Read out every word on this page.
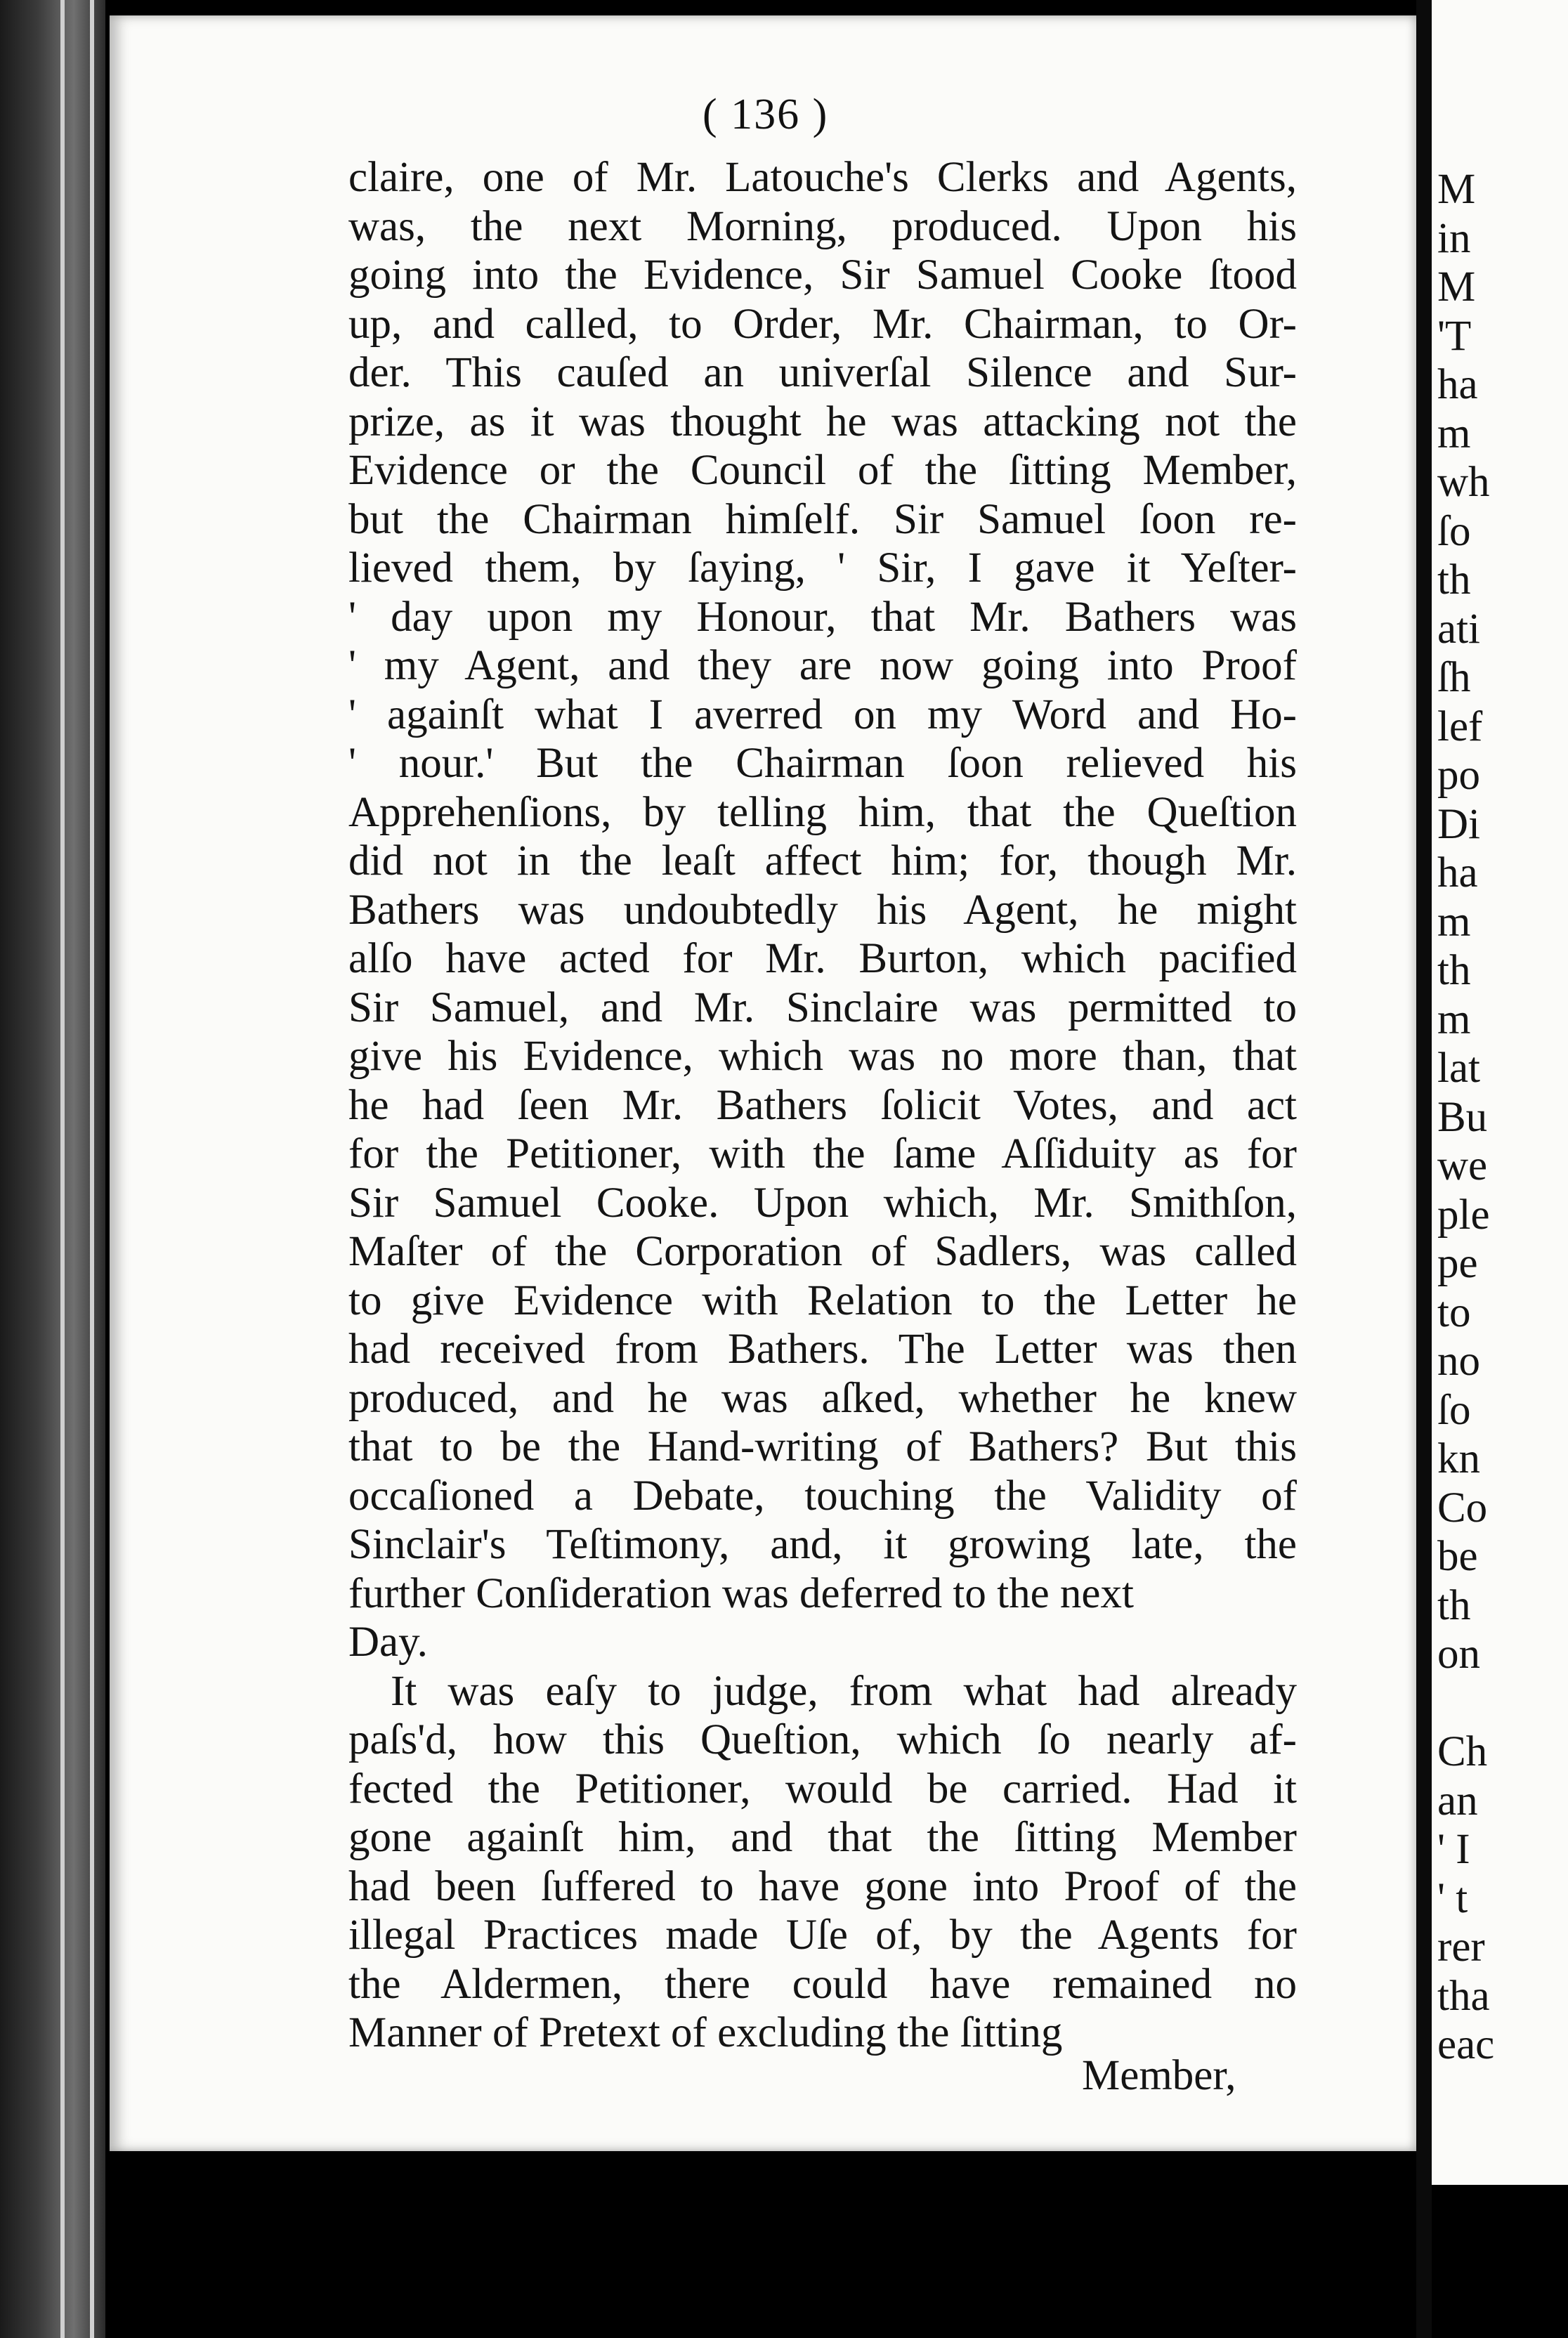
( 136 )
claire, one of Mr. Latouche's Clerks and Agents,
was, the next Morning, produced. Upon his
going into the Evidence, Sir Samuel Cooke ſtood
up, and called, to Order, Mr. Chairman, to Or-
der. This cauſed an univerſal Silence and Sur-
prize, as it was thought he was attacking not the
Evidence or the Council of the ſitting Member,
but the Chairman himſelf. Sir Samuel ſoon re-
lieved them, by ſaying, ' Sir, I gave it Yeſter-
' day upon my Honour, that Mr. Bathers was
' my Agent, and they are now going into Proof
' againſt what I averred on my Word and Ho-
' nour.' But the Chairman ſoon relieved his
Apprehenſions, by telling him, that the Queſtion
did not in the leaſt affect him; for, though Mr.
Bathers was undoubtedly his Agent, he might
alſo have acted for Mr. Burton, which pacified
Sir Samuel, and Mr. Sinclaire was permitted to
give his Evidence, which was no more than, that
he had ſeen Mr. Bathers ſolicit Votes, and act
for the Petitioner, with the ſame Aſſiduity as for
Sir Samuel Cooke. Upon which, Mr. Smithſon,
Maſter of the Corporation of Sadlers, was called
to give Evidence with Relation to the Letter he
had received from Bathers. The Letter was then
produced, and he was aſked, whether he knew
that to be the Hand-writing of Bathers? But this
occaſioned a Debate, touching the Validity of
Sinclair's Teſtimony, and, it growing late, the
further Conſideration was deferred to the next
Day.
It was eaſy to judge, from what had already
paſs'd, how this Queſtion, which ſo nearly af-
fected the Petitioner, would be carried. Had it
gone againſt him, and that the ſitting Member
had been ſuffered to have gone into Proof of the
illegal Practices made Uſe of, by the Agents for
the Aldermen, there could have remained no
Manner of Pretext of excluding the ſitting
Member,
M
in
M
'T
ha
m
wh
ſo
th
ati
ſh
lef
po
Di
ha
m
th
m
lat
Bu
we
ple
pe
to
no
ſo
kn
Co
be
th
on
Ch
an
' I
' t
rer
tha
eac
